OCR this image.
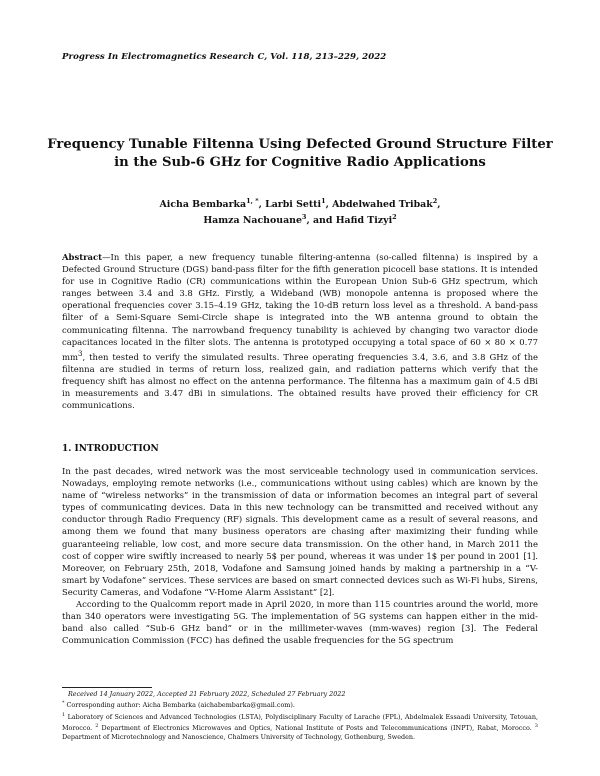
Progress In Electromagnetics Research C, Vol. 118, 213–229, 2022
Frequency Tunable Filtenna Using Defected Ground Structure Filter
in the Sub-6 GHz for Cognitive Radio Applications
Aicha Bembarka$^{1, *}$, Larbi Setti$^1$, Abdelwahed Tribak$^2$,
Hamza Nachouane$^3$, and Hafid Tizyi$^2$
Abstract—In this paper, a new frequency tunable filtering-antenna (so-called filtenna) is inspired by a Defected Ground Structure (DGS) band-pass filter for the fifth generation picocell base stations. It is intended for use in Cognitive Radio (CR) communications within the European Union Sub-6 GHz spectrum, which ranges between 3.4 and 3.8 GHz. Firstly, a Wideband (WB) monopole antenna is proposed where the operational frequencies cover 3.15–4.19 GHz, taking the 10-dB return loss level as a threshold. A band-pass filter of a Semi-Square Semi-Circle shape is integrated into the WB antenna ground to obtain the communicating filtenna. The narrowband frequency tunability is achieved by changing two varactor diode capacitances located in the filter slots. The antenna is prototyped occupying a total space of 60 × 80 × 0.77 $mm^3$, then tested to verify the simulated results. Three operating frequencies 3.4, 3.6, and 3.8 GHz of the filtenna are studied in terms of return loss, realized gain, and radiation patterns which verify that the frequency shift has almost no effect on the antenna performance. The filtenna has a maximum gain of 4.5 dBi in measurements and 3.47 dBi in simulations. The obtained results have proved their efficiency for CR communications.
1. INTRODUCTION

In the past decades, wired network was the most serviceable technology used in communication services. Nowadays, employing remote networks (i.e., communications without using cables) which are known by the name of “wireless networks” in the transmission of data or information becomes an integral part of several types of communicating devices. Data in this new technology can be transmitted and received without any conductor through Radio Frequency (RF) signals. This development came as a result of several reasons, and among them we found that many business operators are chasing after maximizing their funding while guaranteeing reliable, low cost, and more secure data transmission. On the other hand, in March 2011 the cost of copper wire swiftly increased to nearly 5$ per pound, whereas it was under 1$ per pound in 2001 [1]. Moreover, on February 25th, 2018, Vodafone and Samsung joined hands by making a partnership in a “V-smart by Vodafone” services. These services are based on smart connected devices such as Wi-Fi hubs, Sirens, Security Cameras, and Vodafone “V-Home Alarm Assistant” [2].

According to the Qualcomm report made in April 2020, in more than 115 countries around the world, more than 340 operators were investigating 5G. The implementation of 5G systems can happen either in the mid-band also called “Sub-6 GHz band” or in the millimeter-waves (mm-waves) region [3]. The Federal Communication Commission (FCC) has defined the usable frequencies for the 5G spectrum

Received 14 January 2022, Accepted 21 February 2022, Scheduled 27 February 2022

* Corresponding author: Aicha Bembarka (aichabembarka@gmail.com).

$^1$ Laboratory of Sciences and Advanced Technologies (LSTA), Polydisciplinary Faculty of Larache (FPL), Abdelmalek Essaadi University, Tetouan, Morocco. $^2$ Department of Electronics Microwaves and Optics, National Institute of Posts and Telecommunications (INPT), Rabat, Morocco. $^3$ Department of Microtechnology and Nanoscience, Chalmers University of Technology, Gothenburg, Sweden.
